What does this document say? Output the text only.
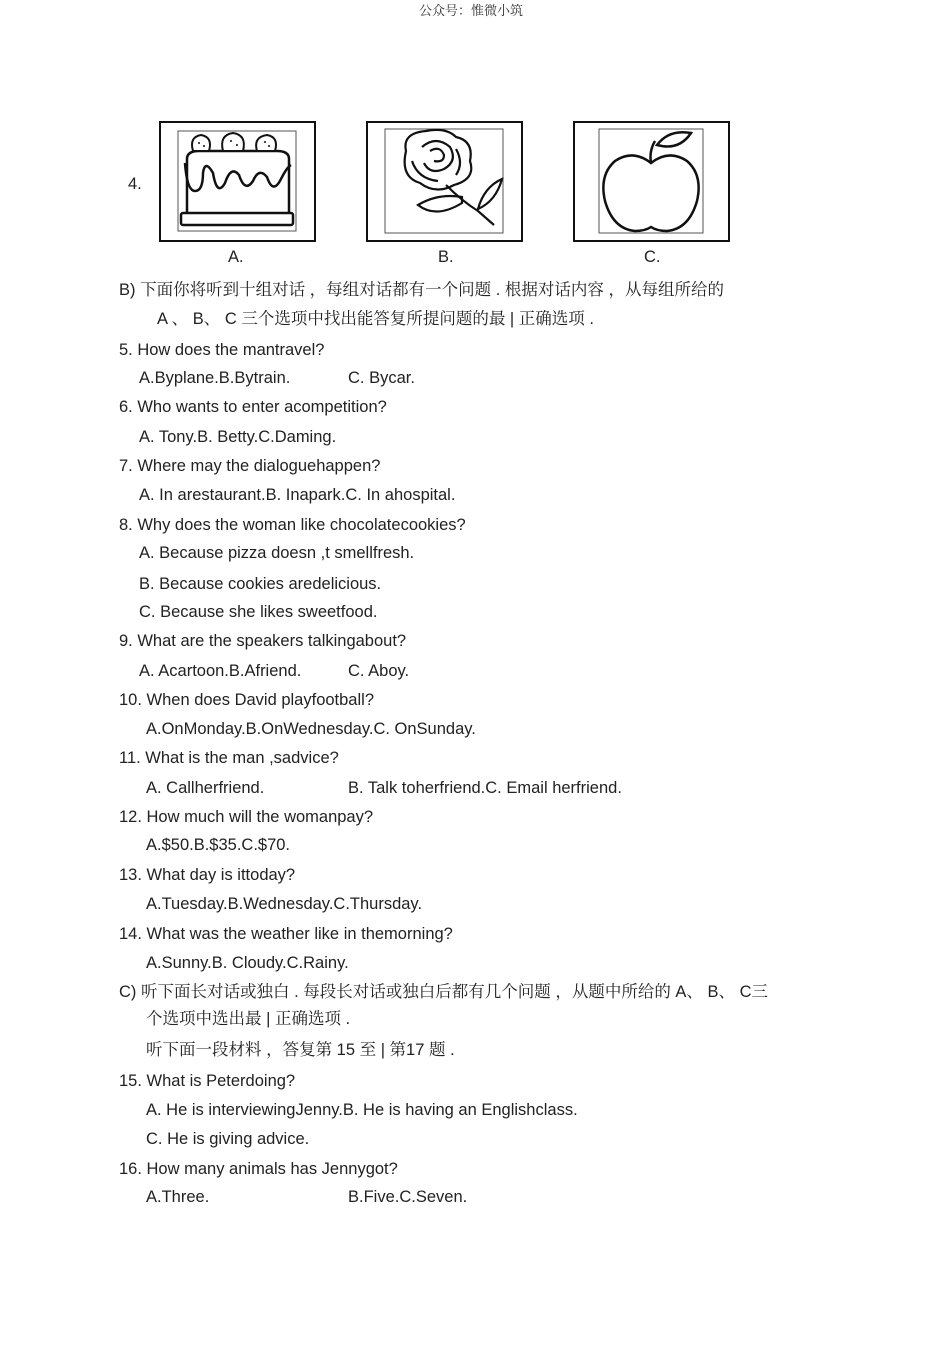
公众号：惟微小筑
4.
A.	B.	C.
B) 下面你将听到十组对话 ，每组对话都有一个问题 . 根据对话内容 ，从每组所给的
A 、 B、 C 三个选项中找出能答复所提问题的最 | 正确选项 .
5. How does the mantravel?
A.Byplane.B.Bytrain.	C. Bycar.
6. Who wants to enter acompetition?
A. Tony.B. Betty.C.Daming.
7. Where may the dialoguehappen?
A. In arestaurant.B. Inapark.C. In ahospital.
8. Why does the woman like chocolatecookies?
A. Because pizza doesn ,t smellfresh.
B. Because cookies aredelicious.
C. Because she likes sweetfood.
9. What are the speakers talkingabout?
A. Acartoon.B.Afriend.	C. Aboy.
10. When does David playfootball?
A.OnMonday.B.OnWednesday.C. OnSunday.
11. What is the man ,sadvice?
A. Callherfriend.	B. Talk toherfriend.C. Email herfriend.
12. How much will the womanpay?
A.$50.B.$35.C.$70.
13. What day is ittoday?
A.Tuesday.B.Wednesday.C.Thursday.
14. What was the weather like in themorning?
A.Sunny.B. Cloudy.C.Rainy.
C) 听下面长对话或独白 . 每段长对话或独白后都有几个问题 ，从题中所给的 A、 B、 C三
个选项中选出最 | 正确选项 .
听下面一段材料 ，答复第 15 至 | 第17 题 .
15. What is Peterdoing?
A. He is interviewingJenny.B. He is having an Englishclass.
C. He is giving advice.
16. How many animals has Jennygot?
A.Three.	B.Five.C.Seven.
